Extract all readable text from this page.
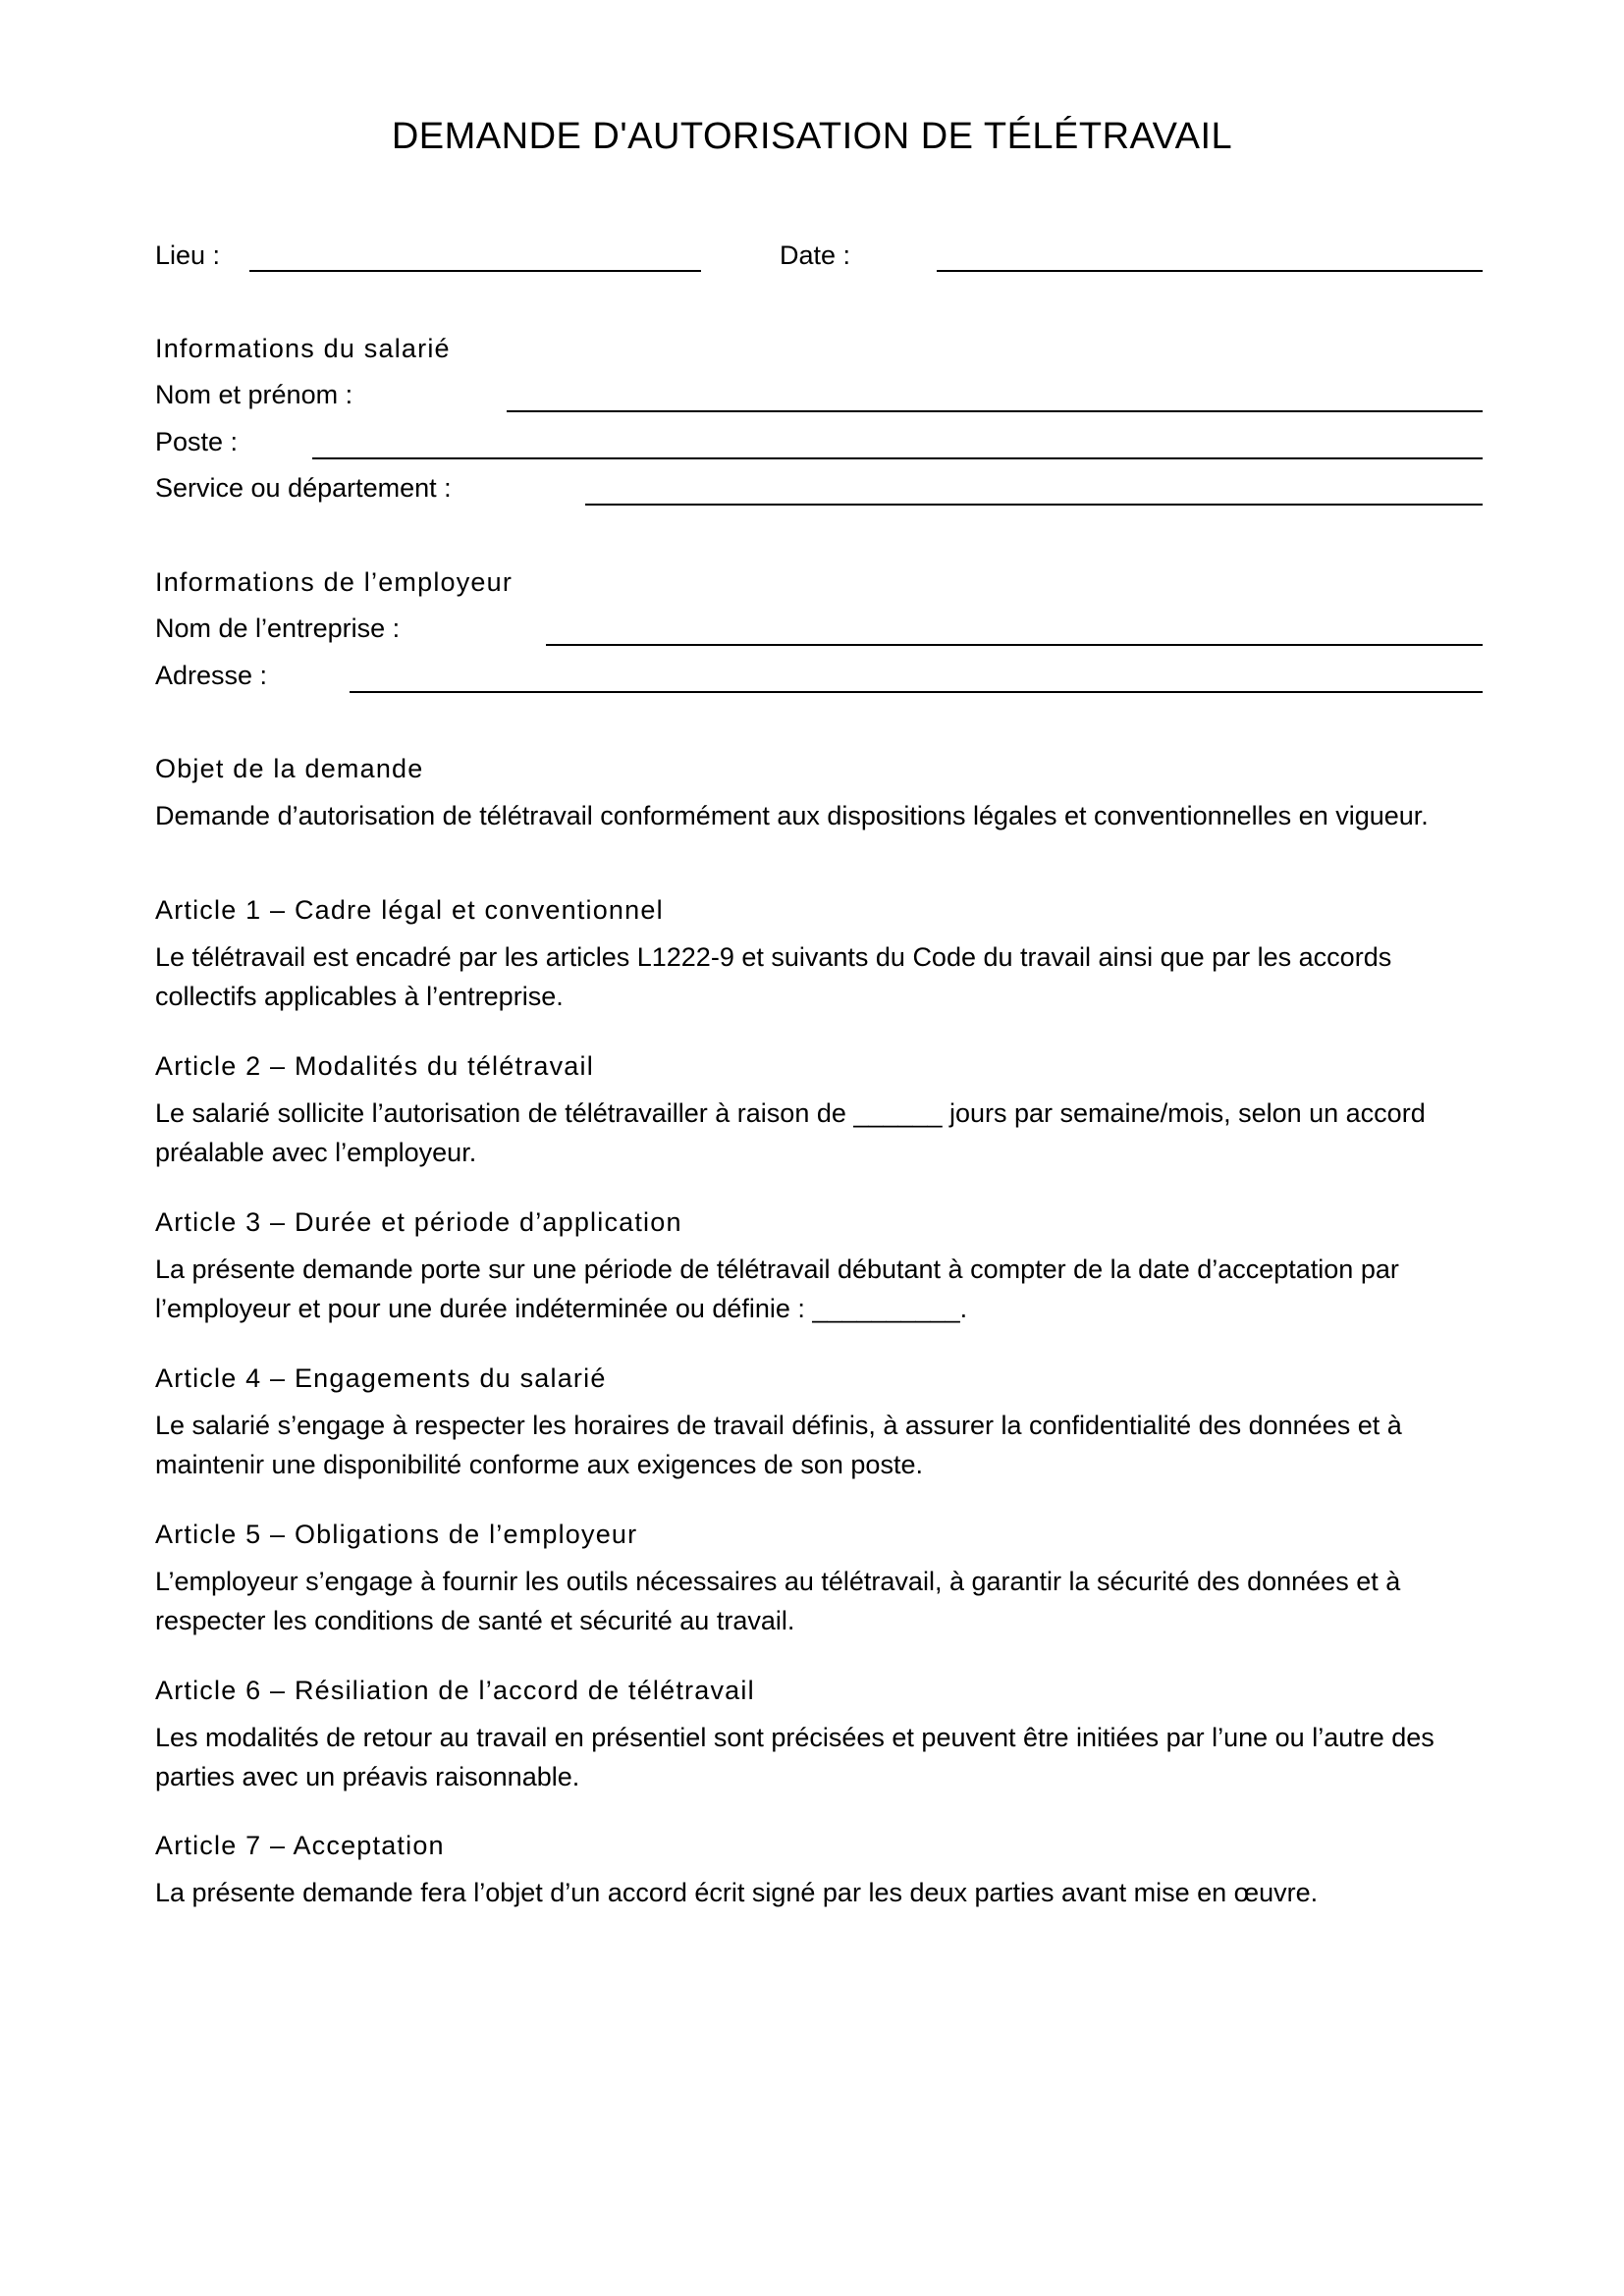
DEMANDE D'AUTORISATION DE TÉLÉTRAVAIL
Lieu :	Date :
Informations du salarié
Nom et prénom :
Poste :
Service ou département :
Informations de l’employeur
Nom de l’entreprise :
Adresse :
Objet de la demande
Demande d’autorisation de télétravail conformément aux dispositions légales et conventionnelles en vigueur.
Article 1 – Cadre légal et conventionnel
Le télétravail est encadré par les articles L1222-9 et suivants du Code du travail ainsi que par les accords collectifs applicables à l’entreprise.
Article 2 – Modalités du télétravail
Le salarié sollicite l’autorisation de télétravailler à raison de ______ jours par semaine/mois, selon un accord préalable avec l’employeur.
Article 3 – Durée et période d’application
La présente demande porte sur une période de télétravail débutant à compter de la date d’acceptation par l’employeur et pour une durée indéterminée ou définie : __________.
Article 4 – Engagements du salarié
Le salarié s’engage à respecter les horaires de travail définis, à assurer la confidentialité des données et à maintenir une disponibilité conforme aux exigences de son poste.
Article 5 – Obligations de l’employeur
L’employeur s’engage à fournir les outils nécessaires au télétravail, à garantir la sécurité des données et à respecter les conditions de santé et sécurité au travail.
Article 6 – Résiliation de l’accord de télétravail
Les modalités de retour au travail en présentiel sont précisées et peuvent être initiées par l’une ou l’autre des parties avec un préavis raisonnable.
Article 7 – Acceptation
La présente demande fera l’objet d’un accord écrit signé par les deux parties avant mise en œuvre.
